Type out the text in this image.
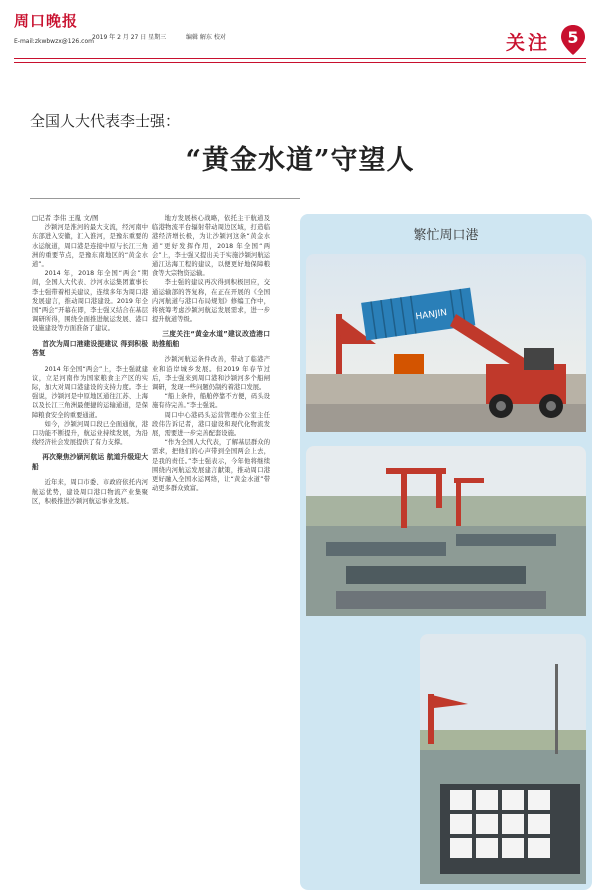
周口晚报
2019 年 2 月 27 日 星期三	编辑 解东 校对
E-mail:zkwbwzx@126.com	关注	5
全国人大代表李士强：
“黄金水道”守望人

□记者 李伟 王胤 文/图

沙颍河是淮河的最大支流，经河南中东部进入安徽，汇入淮河，是豫东重要的水运航道，周口港是连接中原与长江三角洲的重要节点，是豫东南地区的“黄金水道”。

2014 年，2018 年全国“两会”期间，全国人大代表、沙河水运集团董事长李士强带着相关建议，连续多年为周口港发展建言，推动周口港建设。2019 年全国“两会”开幕在即，李士强又结合在基层调研所得，围绕全面推进航运发展、港口设施建设等方面准备了建议。

首次为周口港建设提建议 得到积极答复

2014 年全国“两会”上，李士强就建议，立足河南作为国家粮食主产区的实际，加大对周口港建设的支持力度。李士强说，沙颍河是中原地区通往江苏、上海以及长江三角洲最便捷的运输通道，是保障粮食安全的重要通道。

如今，沙颍河周口段已全面通航，港口功能不断提升，航运业持续发展，为沿线经济社会发展提供了有力支撑。

再次聚焦沙颍河航运 航道升级迎大船

近年来，周口市委、市政府依托内河航运优势，建设周口港口物流产业集聚区，积极推进沙颍河航运事业发展。

地方发展核心战略，依托主干航道及临港物流平台辐射带动周边区域，打造临港经济增长极，为让沙颍河这条“黄金水道”更好发挥作用，2018 年全国“两会”上，李士强又提出关于实施沙颍河航运通江达海工程的建议，以便更好地保障粮食等大宗物资运输。

李士强的建议再次得到积极回应，交通运输部的答复称，在正在开展的《全国内河航道与港口布局规划》修编工作中，将统筹考虑沙颍河航运发展需求，进一步提升航道等级。

三度关注“黄金水道”建议改造港口助推船舶

沙颍河航运条件改善，带动了临港产业和沿岸城乡发展。但2019 年春节过后，李士强来到周口港和沙颍河多个船闸调研，发现一些问题仍制约着港口发展。

“船上条件，船舶停靠不方便，码头设施有待完善。”李士强说。

周口中心港码头运营管理办公室主任段伟告诉记者，港口建设和现代化物流发展，需要进一步完善配套设施。

“作为全国人大代表，了解基层群众的需求，把他们的心声带到全国两会上去，是我的责任。”李士强表示，今年他将继续围绕内河航运发展建言献策，推动周口港更好融入全国水运网络，让“黄金水道”带动更多群众致富。

繁忙周口港
HANJIN
